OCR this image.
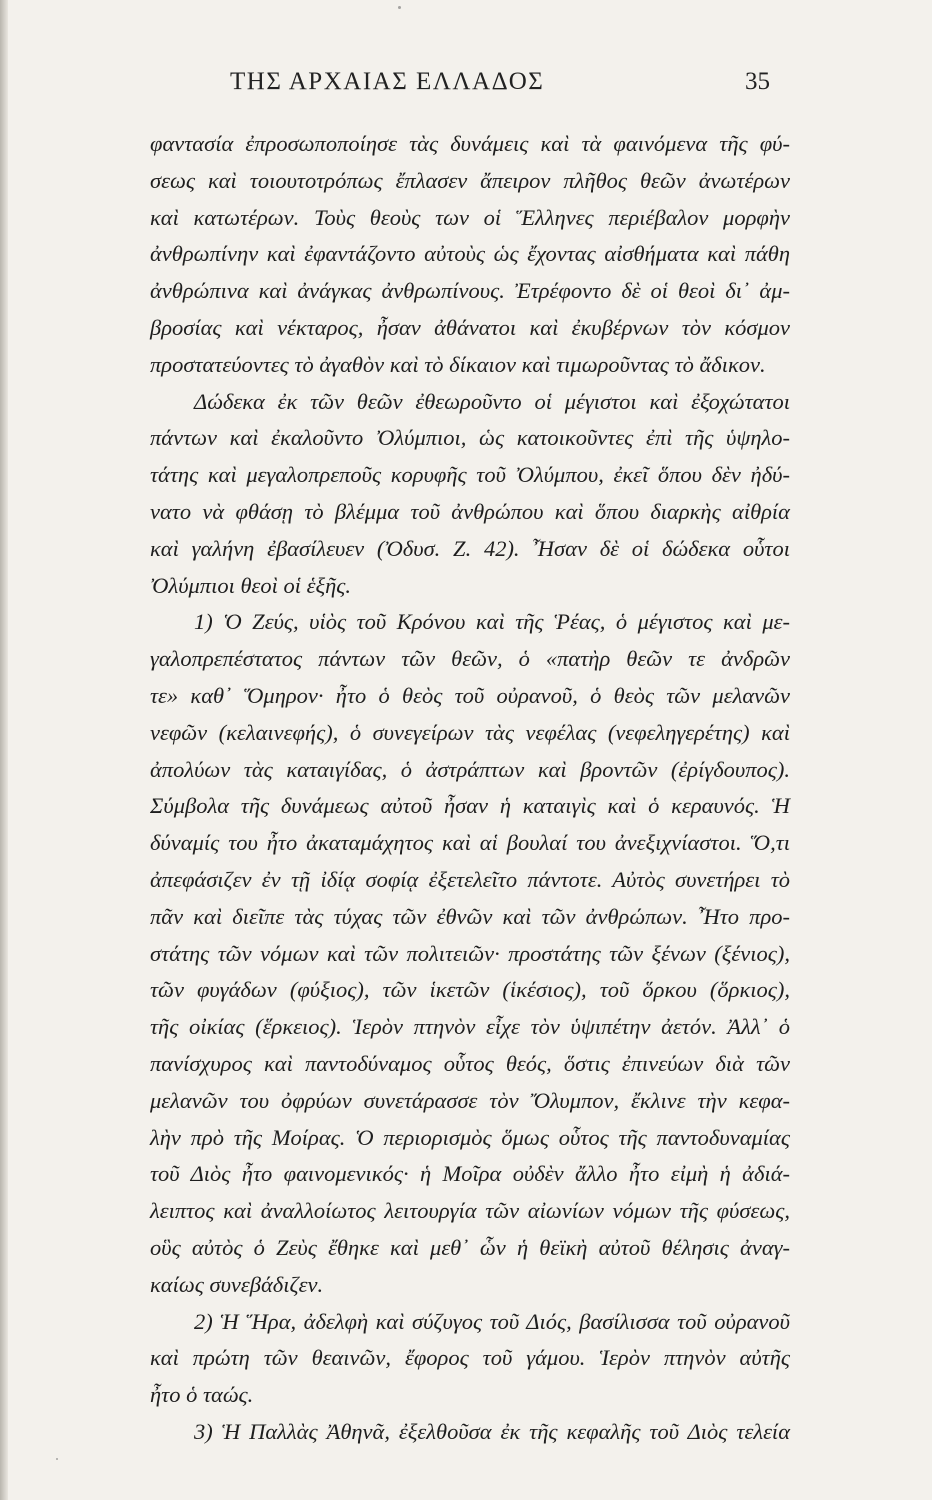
ΤΗΣ ΑΡΧΑΙΑΣ ΕΛΛΑΔΟΣ	35
φαντασία ἐπροσωποποίησε τὰς δυνάμεις καὶ τὰ φαινόμενα τῆς φύ-
σεως καὶ τοιουτοτρόπως ἔπλασεν ἄπειρον πλῆθος θεῶν ἀνωτέρων
καὶ κατωτέρων. Τοὺς θεοὺς των οἱ Ἕλληνες περιέβαλον μορφὴν
ἀνθρωπίνην καὶ ἐφαντάζοντο αὐτοὺς ὡς ἔχοντας αἰσθήματα καὶ πάθη
ἀνθρώπινα καὶ ἀνάγκας ἀνθρωπίνους. Ἐτρέφοντο δὲ οἱ θεοὶ δι᾿ ἀμ-
βροσίας καὶ νέκταρος, ἦσαν ἀθάνατοι καὶ ἐκυβέρνων τὸν κόσμον
προστατεύοντες τὸ ἀγαθὸν καὶ τὸ δίκαιον καὶ τιμωροῦντας τὸ ἄδικον.
Δώδεκα ἐκ τῶν θεῶν ἐθεωροῦντο οἱ μέγιστοι καὶ ἐξοχώτατοι
πάντων καὶ ἐκαλοῦντο Ὀλύμπιοι, ὡς κατοικοῦντες ἐπὶ τῆς ὑψηλο-
τάτης καὶ μεγαλοπρεποῦς κορυφῆς τοῦ Ὀλύμπου, ἐκεῖ ὅπου δὲν ἠδύ-
νατο νὰ φθάσῃ τὸ βλέμμα τοῦ ἀνθρώπου καὶ ὅπου διαρκὴς αἰθρία
καὶ γαλήνη ἐβασίλευεν (Ὀδυσ. Ζ. 42). Ἦσαν δὲ οἱ δώδεκα οὗτοι
Ὀλύμπιοι θεοὶ οἱ ἑξῆς.
1) Ὁ Ζεύς, υἱὸς τοῦ Κρόνου καὶ τῆς Ῥέας, ὁ μέγιστος καὶ με-
γαλοπρεπέστατος πάντων τῶν θεῶν, ὁ «πατὴρ θεῶν τε ἀνδρῶν
τε» καθ᾿ Ὅμηρον· ἦτο ὁ θεὸς τοῦ οὐρανοῦ, ὁ θεὸς τῶν μελανῶν
νεφῶν (κελαινεφής), ὁ συνεγείρων τὰς νεφέλας (νεφεληγερέτης) καὶ
ἀπολύων τὰς καταιγίδας, ὁ ἀστράπτων καὶ βροντῶν (ἐρίγδουπος).
Σύμβολα τῆς δυνάμεως αὐτοῦ ἦσαν ἡ καταιγὶς καὶ ὁ κεραυνός. Ἡ
δύναμίς του ἦτο ἀκαταμάχητος καὶ αἱ βουλαί του ἀνεξιχνίαστοι. Ὅ,τι
ἀπεφάσιζεν ἐν τῇ ἰδίᾳ σοφίᾳ ἐξετελεῖτο πάντοτε. Αὐτὸς συνετήρει τὸ
πᾶν καὶ διεῖπε τὰς τύχας τῶν ἐθνῶν καὶ τῶν ἀνθρώπων. Ἦτο προ-
στάτης τῶν νόμων καὶ τῶν πολιτειῶν· προστάτης τῶν ξένων (ξένιος),
τῶν φυγάδων (φύξιος), τῶν ἱκετῶν (ἱκέσιος), τοῦ ὅρκου (ὅρκιος),
τῆς οἰκίας (ἕρκειος). Ἱερὸν πτηνὸν εἶχε τὸν ὑψιπέτην ἀετόν. Ἀλλ᾿ ὁ
πανίσχυρος καὶ παντοδύναμος οὗτος θεός, ὅστις ἐπινεύων διὰ τῶν
μελανῶν του ὀφρύων συνετάρασσε τὸν Ὄλυμπον, ἔκλινε τὴν κεφα-
λὴν πρὸ τῆς Μοίρας. Ὁ περιορισμὸς ὅμως οὗτος τῆς παντοδυναμίας
τοῦ Διὸς ἦτο φαινομενικός· ἡ Μοῖρα οὐδὲν ἄλλο ἦτο εἰμὴ ἡ ἀδιά-
λειπτος καὶ ἀναλλοίωτος λειτουργία τῶν αἰωνίων νόμων τῆς φύσεως,
οὓς αὐτὸς ὁ Ζεὺς ἔθηκε καὶ μεθ᾿ ὧν ἡ θεϊκὴ αὐτοῦ θέλησις ἀναγ-
καίως συνεβάδιζεν.
2) Ἡ Ἥρα, ἀδελφὴ καὶ σύζυγος τοῦ Διός, βασίλισσα τοῦ οὐρανοῦ
καὶ πρώτη τῶν θεαινῶν, ἔφορος τοῦ γάμου. Ἱερὸν πτηνὸν αὐτῆς
ἦτο ὁ ταώς.
3) Ἡ Παλλὰς Ἀθηνᾶ, ἐξελθοῦσα ἐκ τῆς κεφαλῆς τοῦ Διὸς τελεία
